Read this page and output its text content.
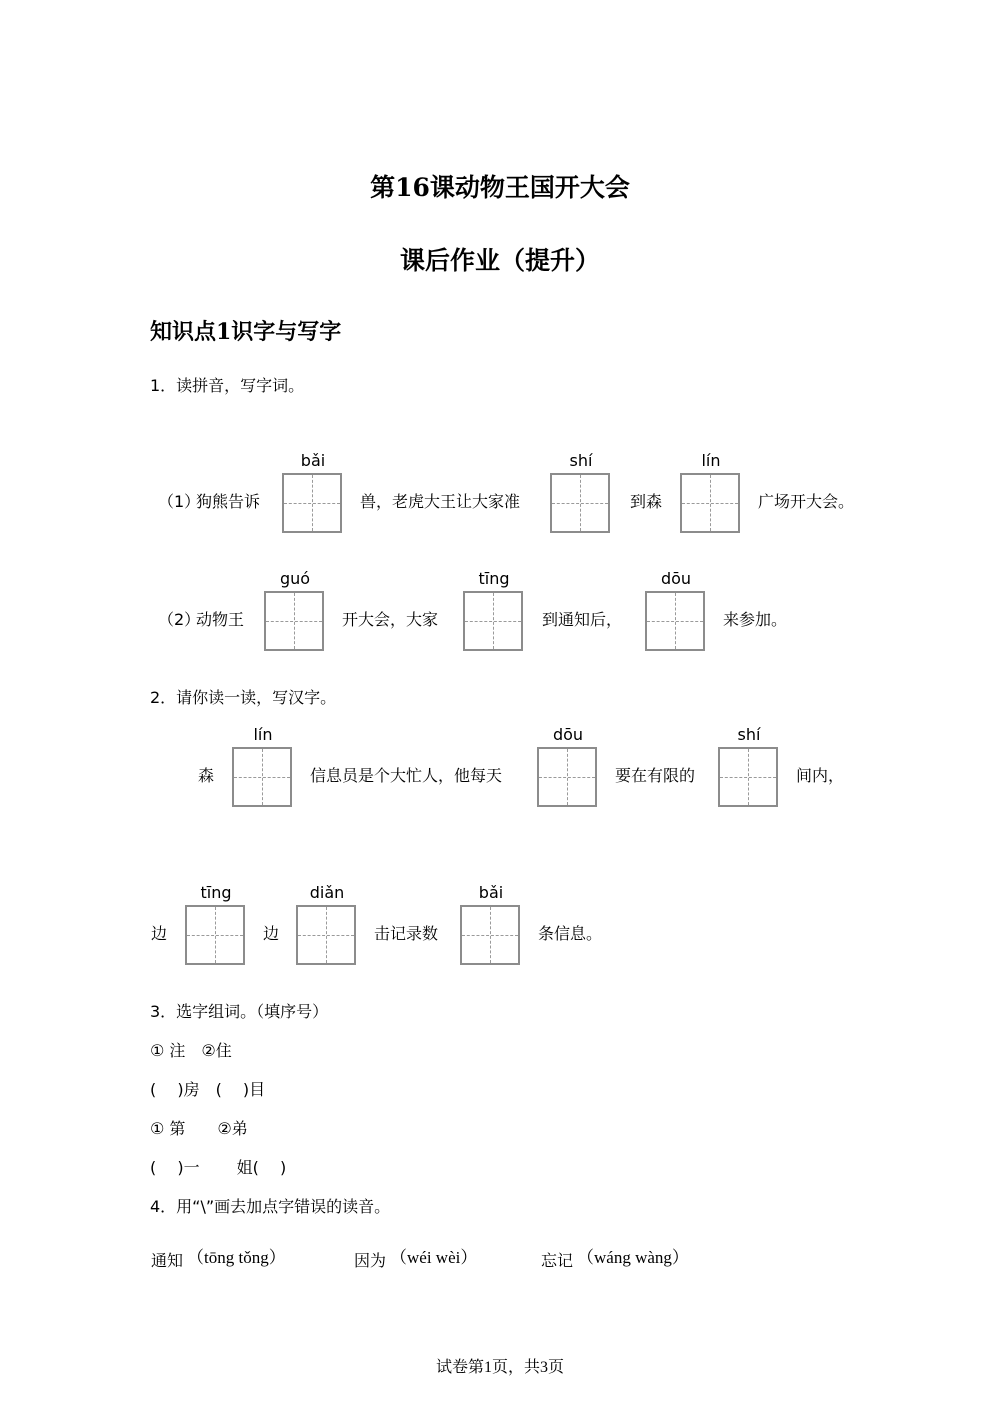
第16课动物王国开大会
课后作业（提升）
知识点1识字与写字
1．读拼音，写字词。
（1）
狗熊告诉
bǎi
兽，老虎大王让大家准
shí
到森
lín
广场开大会。
（2）
动物王
guó
开大会，大家
tīng
到通知后，
dōu
来参加。
2．请你读一读，写汉字。
森
lín
信息员是个大忙人，他每天
dōu
要在有限的
shí
间内，
边
tīng
边
diǎn
击记录数
bǎi
条信息。
3．选字组词。（填序号）
① 注　②住
(　 )房　(　 )目
① 第　　②弟
(　 )一　　 姐(　 )
4．用“\”画去加点字错误的读音。
通知 （tōng tǒng）	因为 （wéi wèi）	忘记 （wáng wàng）
试卷第1页，共3页
